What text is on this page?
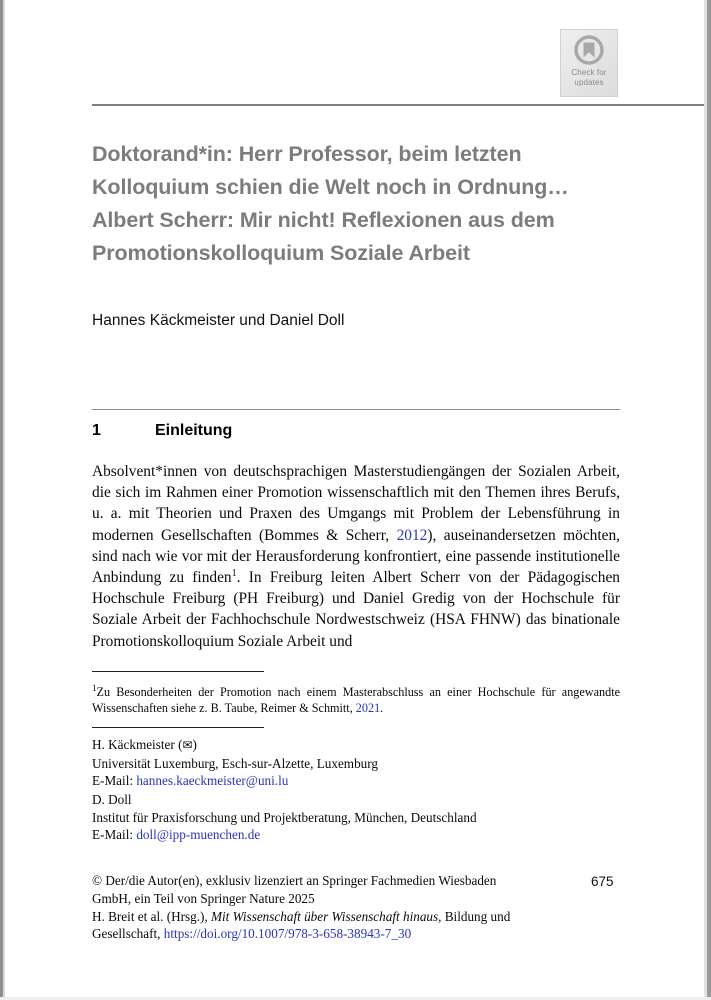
Check for
updates
Doktorand*in: Herr Professor, beim letzten Kolloquium schien die Welt noch in Ordnung… Albert Scherr: Mir nicht! Reflexionen aus dem Promotionskolloquium Soziale Arbeit
Hannes Käckmeister und Daniel Doll
1	Einleitung

Absolvent*innen von deutschsprachigen Masterstudiengängen der Sozialen Arbeit, die sich im Rahmen einer Promotion wissenschaftlich mit den Themen ihres Berufs, u. a. mit Theorien und Praxen des Umgangs mit Problem der Lebensführung in modernen Gesellschaften (Bommes & Scherr, 2012), auseinandersetzen möchten, sind nach wie vor mit der Herausforderung konfrontiert, eine passende institutionelle Anbindung zu finden$^1$. In Freiburg leiten Albert Scherr von der Pädagogischen Hochschule Freiburg (PH Freiburg) und Daniel Gredig von der Hochschule für Soziale Arbeit der Fachhochschule Nordwestschweiz (HSA FHNW) das binationale Promotionskolloquium Soziale Arbeit und

$^1$Zu Besonderheiten der Promotion nach einem Masterabschluss an einer Hochschule für angewandte Wissenschaften siehe z. B. Taube, Reimer & Schmitt, 2021.
H. Käckmeister (✉)
Universität Luxemburg, Esch-sur-Alzette, Luxemburg
E-Mail: hannes.kaeckmeister@uni.lu
D. Doll
Institut für Praxisforschung und Projektberatung, München, Deutschland
E-Mail: doll@ipp-muenchen.de
© Der/die Autor(en), exklusiv lizenziert an Springer Fachmedien Wiesbaden
GmbH, ein Teil von Springer Nature 2025
H. Breit et al. (Hrsg.), Mit Wissenschaft über Wissenschaft hinaus, Bildung und
Gesellschaft, https://doi.org/10.1007/978-3-658-38943-7_30
675
